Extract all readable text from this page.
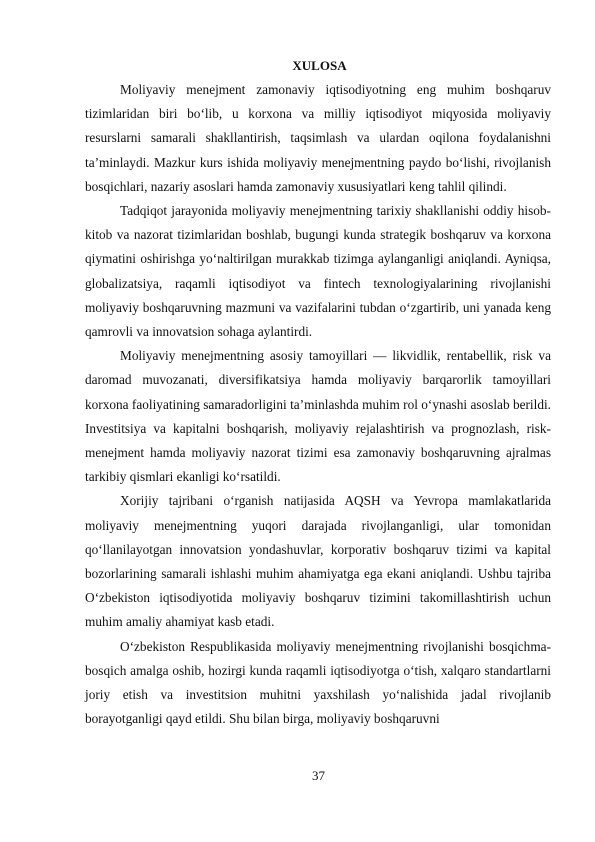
XULOSA

Moliyaviy menejment zamonaviy iqtisodiyotning eng muhim boshqaruv tizimlaridan biri bo‘lib, u korxona va milliy iqtisodiyot miqyosida moliyaviy resurslarni samarali shakllantirish, taqsimlash va ulardan oqilona foydalanishni ta’minlaydi. Mazkur kurs ishida moliyaviy menejmentning paydo bo‘lishi, rivojlanish bosqichlari, nazariy asoslari hamda zamonaviy xususiyatlari keng tahlil qilindi.

Tadqiqot jarayonida moliyaviy menejmentning tarixiy shakllanishi oddiy hisob-kitob va nazorat tizimlaridan boshlab, bugungi kunda strategik boshqaruv va korxona qiymatini oshirishga yo‘naltirilgan murakkab tizimga aylanganligi aniqlandi. Ayniqsa, globalizatsiya, raqamli iqtisodiyot va fintech texnologiyalarining rivojlanishi moliyaviy boshqaruvning mazmuni va vazifalarini tubdan o‘zgartirib, uni yanada keng qamrovli va innovatsion sohaga aylantirdi.

Moliyaviy menejmentning asosiy tamoyillari — likvidlik, rentabellik, risk va daromad muvozanati, diversifikatsiya hamda moliyaviy barqarorlik tamoyillari korxona faoliyatining samaradorligini ta’minlashda muhim rol o‘ynashi asoslab berildi. Investitsiya va kapitalni boshqarish, moliyaviy rejalashtirish va prognozlash, risk-menejment hamda moliyaviy nazorat tizimi esa zamonaviy boshqaruvning ajralmas tarkibiy qismlari ekanligi ko‘rsatildi.

Xorijiy tajribani o‘rganish natijasida AQSH va Yevropa mamlakatlarida moliyaviy menejmentning yuqori darajada rivojlanganligi, ular tomonidan qo‘llanilayotgan innovatsion yondashuvlar, korporativ boshqaruv tizimi va kapital bozorlarining samarali ishlashi muhim ahamiyatga ega ekani aniqlandi. Ushbu tajriba O‘zbekiston iqtisodiyotida moliyaviy boshqaruv tizimini takomillashtirish uchun muhim amaliy ahamiyat kasb etadi.

O‘zbekiston Respublikasida moliyaviy menejmentning rivojlanishi bosqichma-bosqich amalga oshib, hozirgi kunda raqamli iqtisodiyotga o‘tish, xalqaro standartlarni joriy etish va investitsion muhitni yaxshilash yo‘nalishida jadal rivojlanib borayotganligi qayd etildi. Shu bilan birga, moliyaviy boshqaruvni

37
